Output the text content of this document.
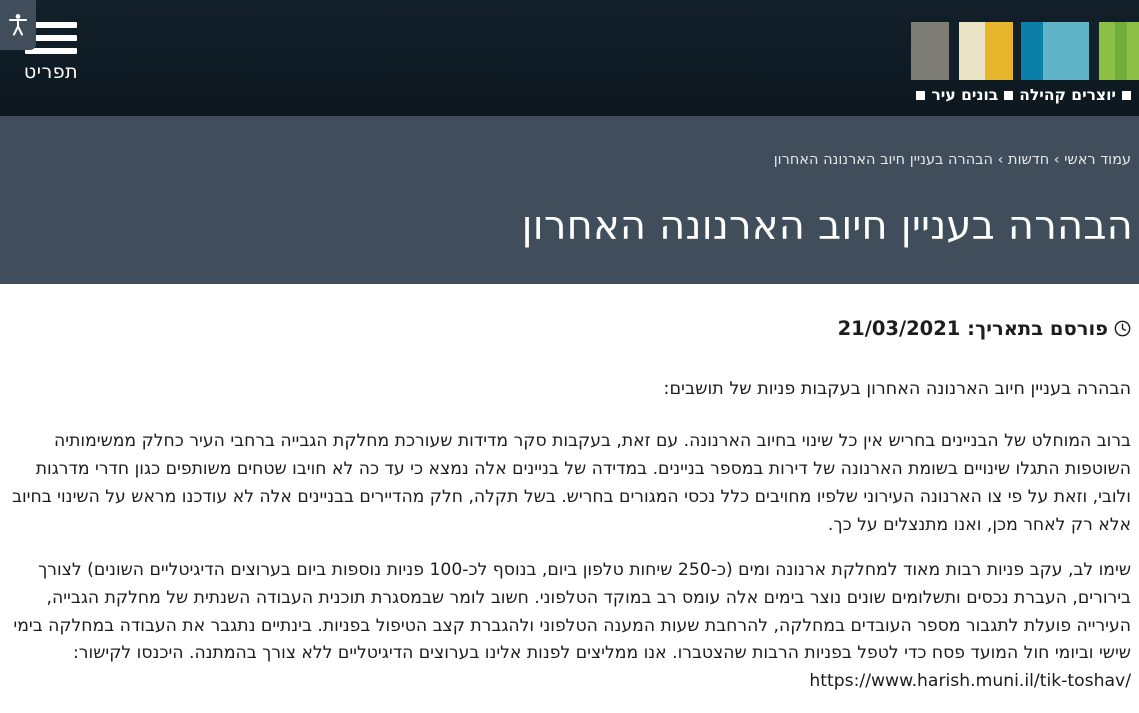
תפריט
יוצרים קהילהבונים עיר
עמוד ראשי › חדשות › הבהרה בעניין חיוב הארנונה האחרון
הבהרה בעניין חיוב הארנונה האחרון
פורסם בתאריך: 21/03/2021

הבהרה בעניין חיוב הארנונה האחרון בעקבות פניות של תושבים:

ברוב המוחלט של הבניינים בחריש אין כל שינוי בחיוב הארנונה. עם זאת, בעקבות סקר מדידות שעורכת מחלקת הגבייה ברחבי העיר כחלק ממשימותיה השוטפות התגלו שינויים בשומת הארנונה של דירות במספר בניינים. במדידה של בניינים אלה נמצא כי עד כה לא חויבו שטחים משותפים כגון חדרי מדרגות ולובי, וזאת על פי צו הארנונה העירוני שלפיו מחויבים כלל נכסי המגורים בחריש. בשל תקלה, חלק מהדיירים בבניינים אלה לא עודכנו מראש על השינוי בחיוב אלא רק לאחר מכן, ואנו מתנצלים על כך.

שימו לב, עקב פניות רבות מאוד למחלקת ארנונה ומים (כ-250 שיחות טלפון ביום, בנוסף לכ-100 פניות נוספות ביום בערוצים הדיגיטליים השונים) לצורך בירורים, העברת נכסים ותשלומים שונים נוצר בימים אלה עומס רב במוקד הטלפוני. חשוב לומר שבמסגרת תוכנית העבודה השנתית של מחלקת הגבייה, העירייה פועלת לתגבור מספר העובדים במחלקה, להרחבת שעות המענה הטלפוני ולהגברת קצב הטיפול בפניות. בינתיים נתגבר את העבודה במחלקה בימי שישי וביומי חול המועד פסח כדי לטפל בפניות הרבות שהצטברו. אנו ממליצים לפנות אלינו בערוצים הדיגיטליים ללא צורך בהמתנה. היכנסו לקישור: https://www.harish.muni.il/tik-toshav/
